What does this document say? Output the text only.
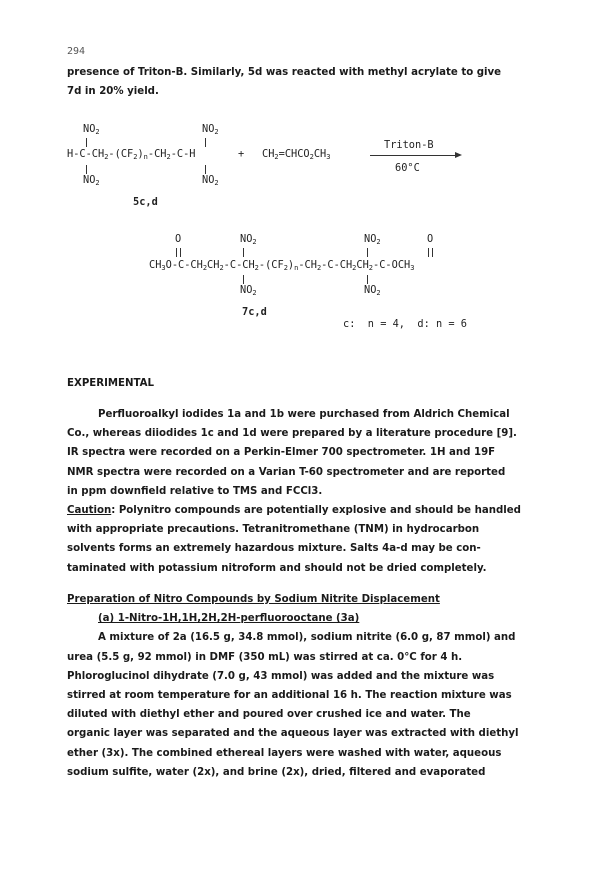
294
presence of Triton-B. Similarly, 5d was reacted with methyl acrylate to give
7d in 20% yield.
$NO_2$	$NO_2$
$H-C-CH_2-(CF_2)_n-CH_2-C-H$
$NO_2$	$NO_2$
5c,d
+ $CH_2=CHCO_2CH_3$
Triton-B
60°C
O	$NO_2$	$NO_2$	O
$CH_3O-C-CH_2CH_2-C-CH_2-(CF_2)_n-CH_2-C-CH_2CH_2-C-OCH_3$
$NO_2$	$NO_2$
7c,d
c:  n = 4,  d: n = 6
EXPERIMENTAL
Perfluoroalkyl iodides 1a and 1b were purchased from Aldrich Chemical
Co., whereas diiodides 1c and 1d were prepared by a literature procedure [9].
IR spectra were recorded on a Perkin-Elmer 700 spectrometer. 1H and 19F
NMR spectra were recorded on a Varian T-60 spectrometer and are reported
in ppm downfield relative to TMS and FCCl3.
Caution: Polynitro compounds are potentially explosive and should be handled
with appropriate precautions. Tetranitromethane (TNM) in hydrocarbon
solvents forms an extremely hazardous mixture. Salts 4a-d may be con-
taminated with potassium nitroform and should not be dried completely.
Preparation of Nitro Compounds by Sodium Nitrite Displacement
(a) 1-Nitro-1H,1H,2H,2H-perfluorooctane (3a)
A mixture of 2a (16.5 g, 34.8 mmol), sodium nitrite (6.0 g, 87 mmol) and
urea (5.5 g, 92 mmol) in DMF (350 mL) was stirred at ca. 0°C for 4 h.
Phloroglucinol dihydrate (7.0 g, 43 mmol) was added and the mixture was
stirred at room temperature for an additional 16 h. The reaction mixture was
diluted with diethyl ether and poured over crushed ice and water. The
organic layer was separated and the aqueous layer was extracted with diethyl
ether (3x). The combined ethereal layers were washed with water, aqueous
sodium sulfite, water (2x), and brine (2x), dried, filtered and evaporated
